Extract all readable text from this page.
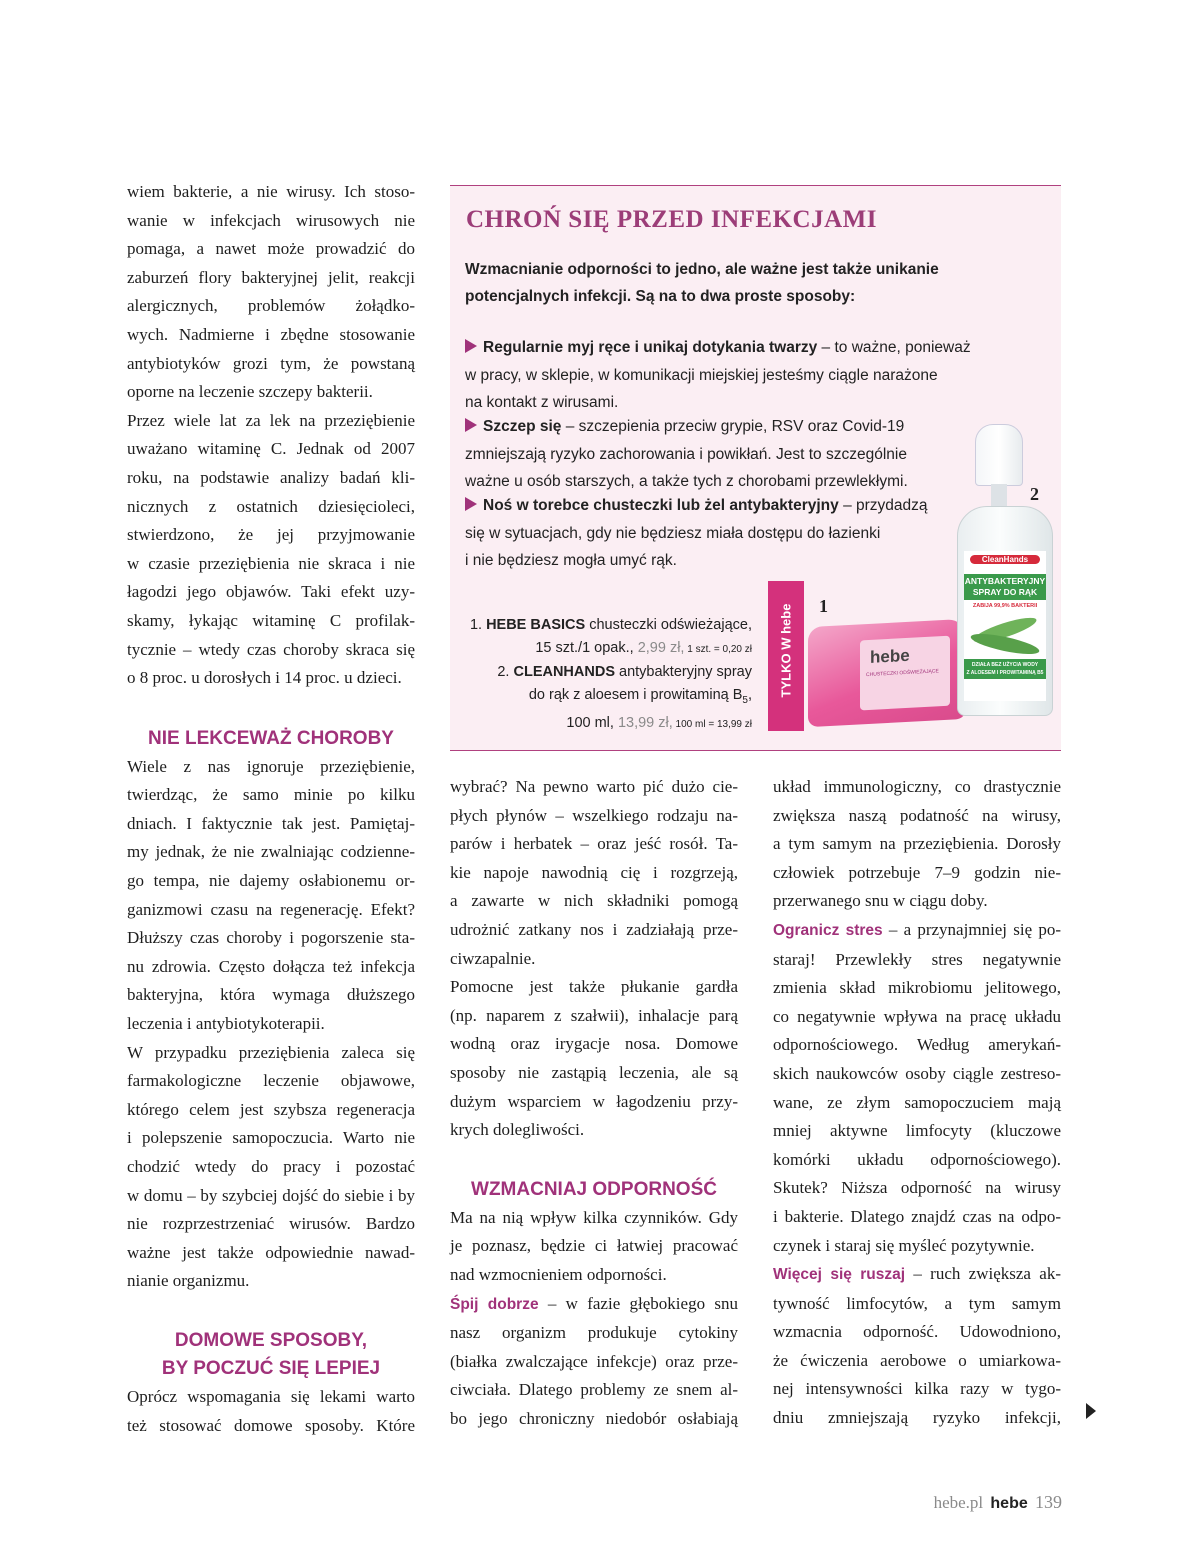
wiem bakterie, a nie wirusy. Ich stoso-
wanie w infekcjach wirusowych nie
pomaga, a nawet może prowadzić do
zaburzeń flory bakteryjnej jelit, reakcji
alergicznych, problemów żołądko-
wych. Nadmierne i zbędne stosowanie
antybiotyków grozi tym, że powstaną
oporne na leczenie szczepy bakterii.

Przez wiele lat za lek na przeziębienie
uważano witaminę C. Jednak od 2007
roku, na podstawie analizy badań kli-
nicznych z ostatnich dziesięcioleci,
stwierdzono, że jej przyjmowanie
w czasie przeziębienia nie skraca i nie
łagodzi jego objawów. Taki efekt uzy-
skamy, łykając witaminę C profilak-
tycznie – wtedy czas choroby skraca się
o 8 proc. u dorosłych i 14 proc. u dzieci.

NIE LEKCEWAŻ CHOROBY

Wiele z nas ignoruje przeziębienie,
twierdząc, że samo minie po kilku
dniach. I faktycznie tak jest. Pamiętaj-
my jednak, że nie zwalniając codzienne-
go tempa, nie dajemy osłabionemu or-
ganizmowi czasu na regenerację. Efekt?
Dłuższy czas choroby i pogorszenie sta-
nu zdrowia. Często dołącza też infekcja
bakteryjna, która wymaga dłuższego
leczenia i antybiotykoterapii.

W przypadku przeziębienia zaleca się
farmakologiczne leczenie objawowe,
którego celem jest szybsza regeneracja
i polepszenie samopoczucia. Warto nie
chodzić wtedy do pracy i pozostać
w domu – by szybciej dojść do siebie i by
nie rozprzestrzeniać wirusów. Bardzo
ważne jest także odpowiednie nawad-
nianie organizmu.

DOMOWE SPOSOBY,
BY POCZUĆ SIĘ LEPIEJ

Oprócz wspomagania się lekami warto
też stosować domowe sposoby. Które

wybrać? Na pewno warto pić dużo cie-
płych płynów – wszelkiego rodzaju na-
parów i herbatek – oraz jeść rosół. Ta-
kie napoje nawodnią cię i rozgrzeją,
a zawarte w nich składniki pomogą
udrożnić zatkany nos i zadziałają prze-
ciwzapalnie.

Pomocne jest także płukanie gardła
(np. naparem z szałwii), inhalacje parą
wodną oraz irygacje nosa. Domowe
sposoby nie zastąpią leczenia, ale są
dużym wsparciem w łagodzeniu przy-
krych dolegliwości.

WZMACNIAJ ODPORNOŚĆ

Ma na nią wpływ kilka czynników. Gdy
je poznasz, będzie ci łatwiej pracować
nad wzmocnieniem odporności.

Śpij dobrze – w fazie głębokiego snu
nasz organizm produkuje cytokiny
(białka zwalczające infekcje) oraz prze-
ciwciała. Dlatego problemy ze snem al-
bo jego chroniczny niedobór osłabiają

układ immunologiczny, co drastycznie
zwiększa naszą podatność na wirusy,
a tym samym na przeziębienia. Dorosły
człowiek potrzebuje 7–9 godzin nie-
przerwanego snu w ciągu doby.

Ogranicz stres – a przynajmniej się po-
staraj! Przewlekły stres negatywnie
zmienia skład mikrobiomu jelitowego,
co negatywnie wpływa na pracę układu
odpornościowego. Według amerykań-
skich naukowców osoby ciągle zestreso-
wane, ze złym samopoczuciem mają
mniej aktywne limfocyty (kluczowe
komórki układu odpornościowego).
Skutek? Niższa odporność na wirusy
i bakterie. Dlatego znajdź czas na odpo-
czynek i staraj się myśleć pozytywnie.

Więcej się ruszaj – ruch zwiększa ak-
tywność limfocytów, a tym samym
wzmacnia odporność. Udowodniono,
że ćwiczenia aerobowe o umiarkowa-
nej intensywności kilka razy w tygo-
dniu zmniejszają ryzyko infekcji,

CHROŃ SIĘ PRZED INFEKCJAMI

Wzmacnianie odporności to jedno, ale ważne jest także unikanie
potencjalnych infekcji. Są na to dwa proste sposoby:

Regularnie myj ręce i unikaj dotykania twarzy – to ważne, ponieważ
w pracy, w sklepie, w komunikacji miejskiej jesteśmy ciągle narażone
na kontakt z wirusami.

Szczep się – szczepienia przeciw grypie, RSV oraz Covid-19
zmniejszają ryzyko zachorowania i powikłań. Jest to szczególnie
ważne u osób starszych, a także tych z chorobami przewlekłymi.

Noś w torebce chusteczki lub żel antybakteryjny – przydadzą
się w sytuacjach, gdy nie będziesz miała dostępu do łazienki
i nie będziesz mogła umyć rąk.

1. HEBE BASICS chusteczki odświeżające,
15 szt./1 opak., 2,99 zł, 1 szt. = 0,20 zł
2. CLEANHANDS antybakteryjny spray
do rąk z aloesem i prowitaminą $B_5$,
100 ml, 13,99 zł, 100 ml = 13,99 zł

TYLKO W hebe	hebe
CHUSTECZKI ODŚWIEŻAJĄCE
1
CleanHands
ANTYBAKTERYJNY
SPRAY DO RĄK
ZABIJA 99,9% BAKTERII
DZIAŁA BEZ UŻYCIA WODY
Z ALOESEM I PROWITAMINĄ B5
2
hebe.pl hebe 139
